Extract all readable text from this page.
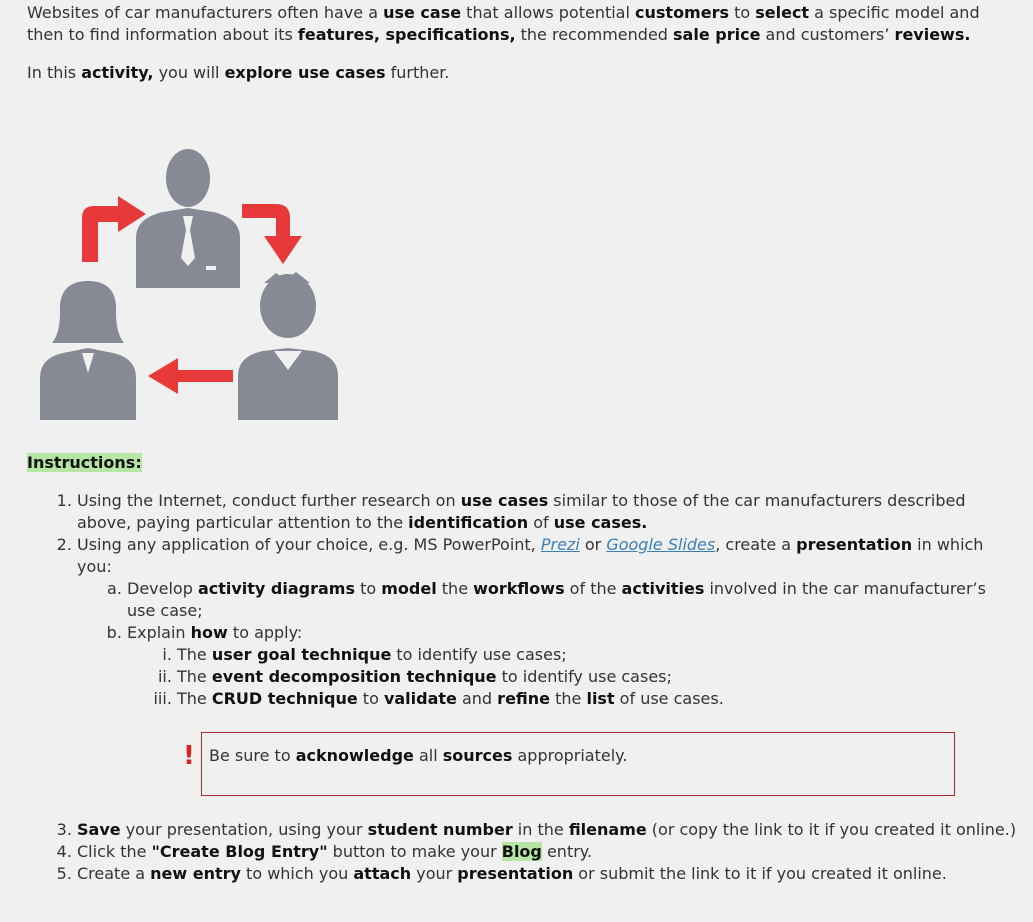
Websites of car manufacturers often have a use case that allows potential customers to select a specific model and then to find information about its features, specifications, the recommended sale price and customers’ reviews.

In this activity, you will explore use cases further.

Instructions:
1. Using the Internet, conduct further research on use cases similar to those of the car manufacturers described above, paying particular attention to the identification of use cases.
2. Using any application of your choice, e.g. MS PowerPoint, Prezi or Google Slides, create a presentation in which you:
a. Develop activity diagrams to model the workflows of the activities involved in the car manufacturer’s use case;
b. Explain how to apply:
i. The user goal technique to identify use cases;
ii. The event decomposition technique to identify use cases;
iii. The CRUD technique to validate and refine the list of use cases.
! Be sure to acknowledge all sources appropriately.
3. Save your presentation, using your student number in the filename (or copy the link to it if you created it online.)
4. Click the "Create Blog Entry" button to make your Blog entry.
5. Create a new entry to which you attach your presentation or submit the link to it if you created it online.
